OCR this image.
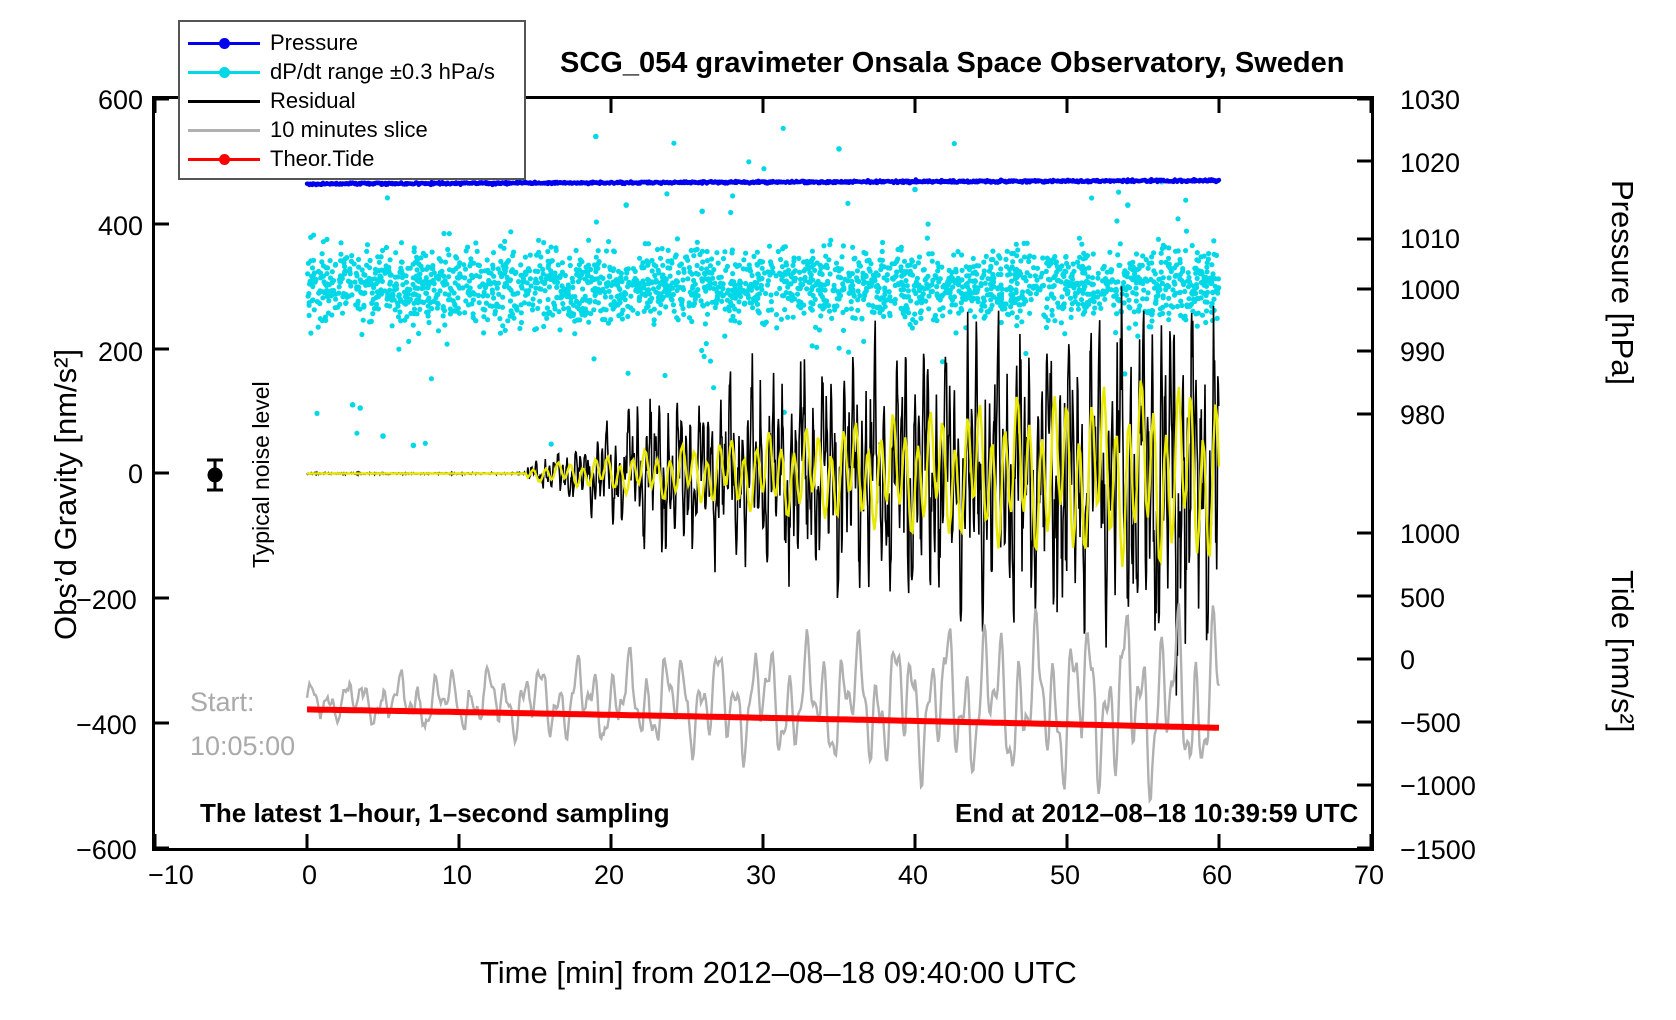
Obs’d Gravity [nm/s²]
Pressure [hPa]
Tide [nm/s²]
Time [min] from 2012–08–18 09:40:00 UTC
SCG_054 gravimeter Onsala Space Observatory, Sweden
600
400
200
0
−200
−400
−600
1030
1020
1010
1000
990
980
1000
500
0
−500
−1000
−1500
−10	0	10	20	30	40	50	60	70
Pressure
dP/dt range ±0.3 hPa/s
Residual
10 minutes slice
Theor.Tide
Typical noise level
Start:
10:05:00
The latest 1–hour, 1–second sampling	End at 2012–08–18 10:39:59 UTC
